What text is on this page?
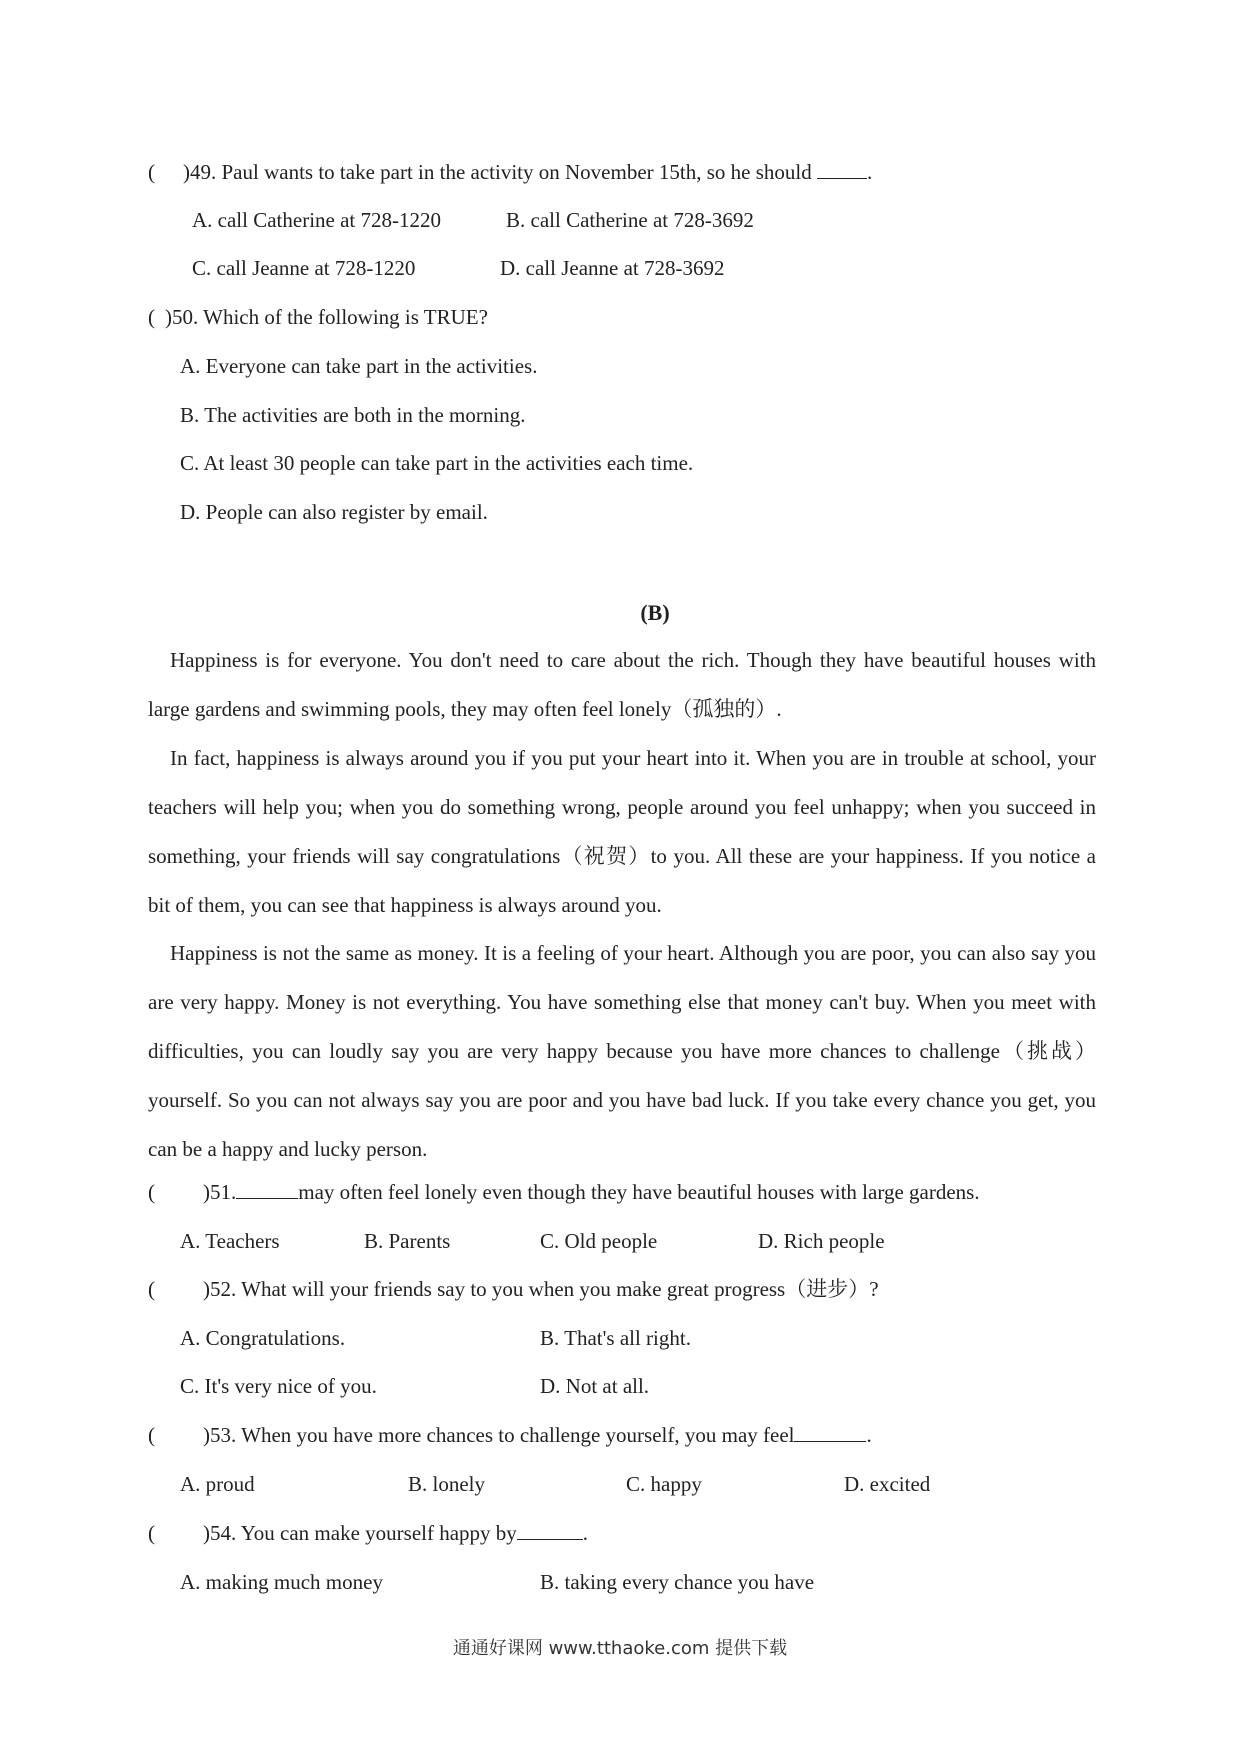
( )49. Paul wants to take part in the activity on November 15th, so he should	.
A. call Catherine at 728-1220	B. call Catherine at 728-3692
C. call Jeanne at 728-1220	D. call Jeanne at 728-3692
( )50. Which of the following is TRUE?
A. Everyone can take part in the activities.
B. The activities are both in the morning.
C. At least 30 people can take part in the activities each time.
D. People can also register by email.
(B)
Happiness is for everyone. You don't need to care about the rich. Though they have beautiful houses with large gardens and swimming pools, they may often feel lonely（孤独的）.
In fact, happiness is always around you if you put your heart into it. When you are in trouble at school, your teachers will help you; when you do something wrong, people around you feel unhappy; when you succeed in something, your friends will say congratulations（祝贺）to you. All these are your happiness. If you notice a bit of them, you can see that happiness is always around you.
Happiness is not the same as money. It is a feeling of your heart. Although you are poor, you can also say you are very happy. Money is not everything. You have something else that money can't buy. When you meet with difficulties, you can loudly say you are very happy because you have more chances to challenge（挑战）yourself. So you can not always say you are poor and you have bad luck. If you take every chance you get, you can be a happy and lucky person.
( )51.	may often feel lonely even though they have beautiful houses with large gardens.
A. Teachers	B. Parents	C. Old people	D. Rich people
( )52. What will your friends say to you when you make great progress（进步）?
A. Congratulations.	B. That's all right.
C. It's very nice of you.	D. Not at all.
( )53. When you have more chances to challenge yourself, you may feel	.
A. proud	B. lonely	C. happy	D. excited
( )54. You can make yourself happy by	.
A. making much money	B. taking every chance you have
通通好课网 www.tthaoke.com 提供下载
